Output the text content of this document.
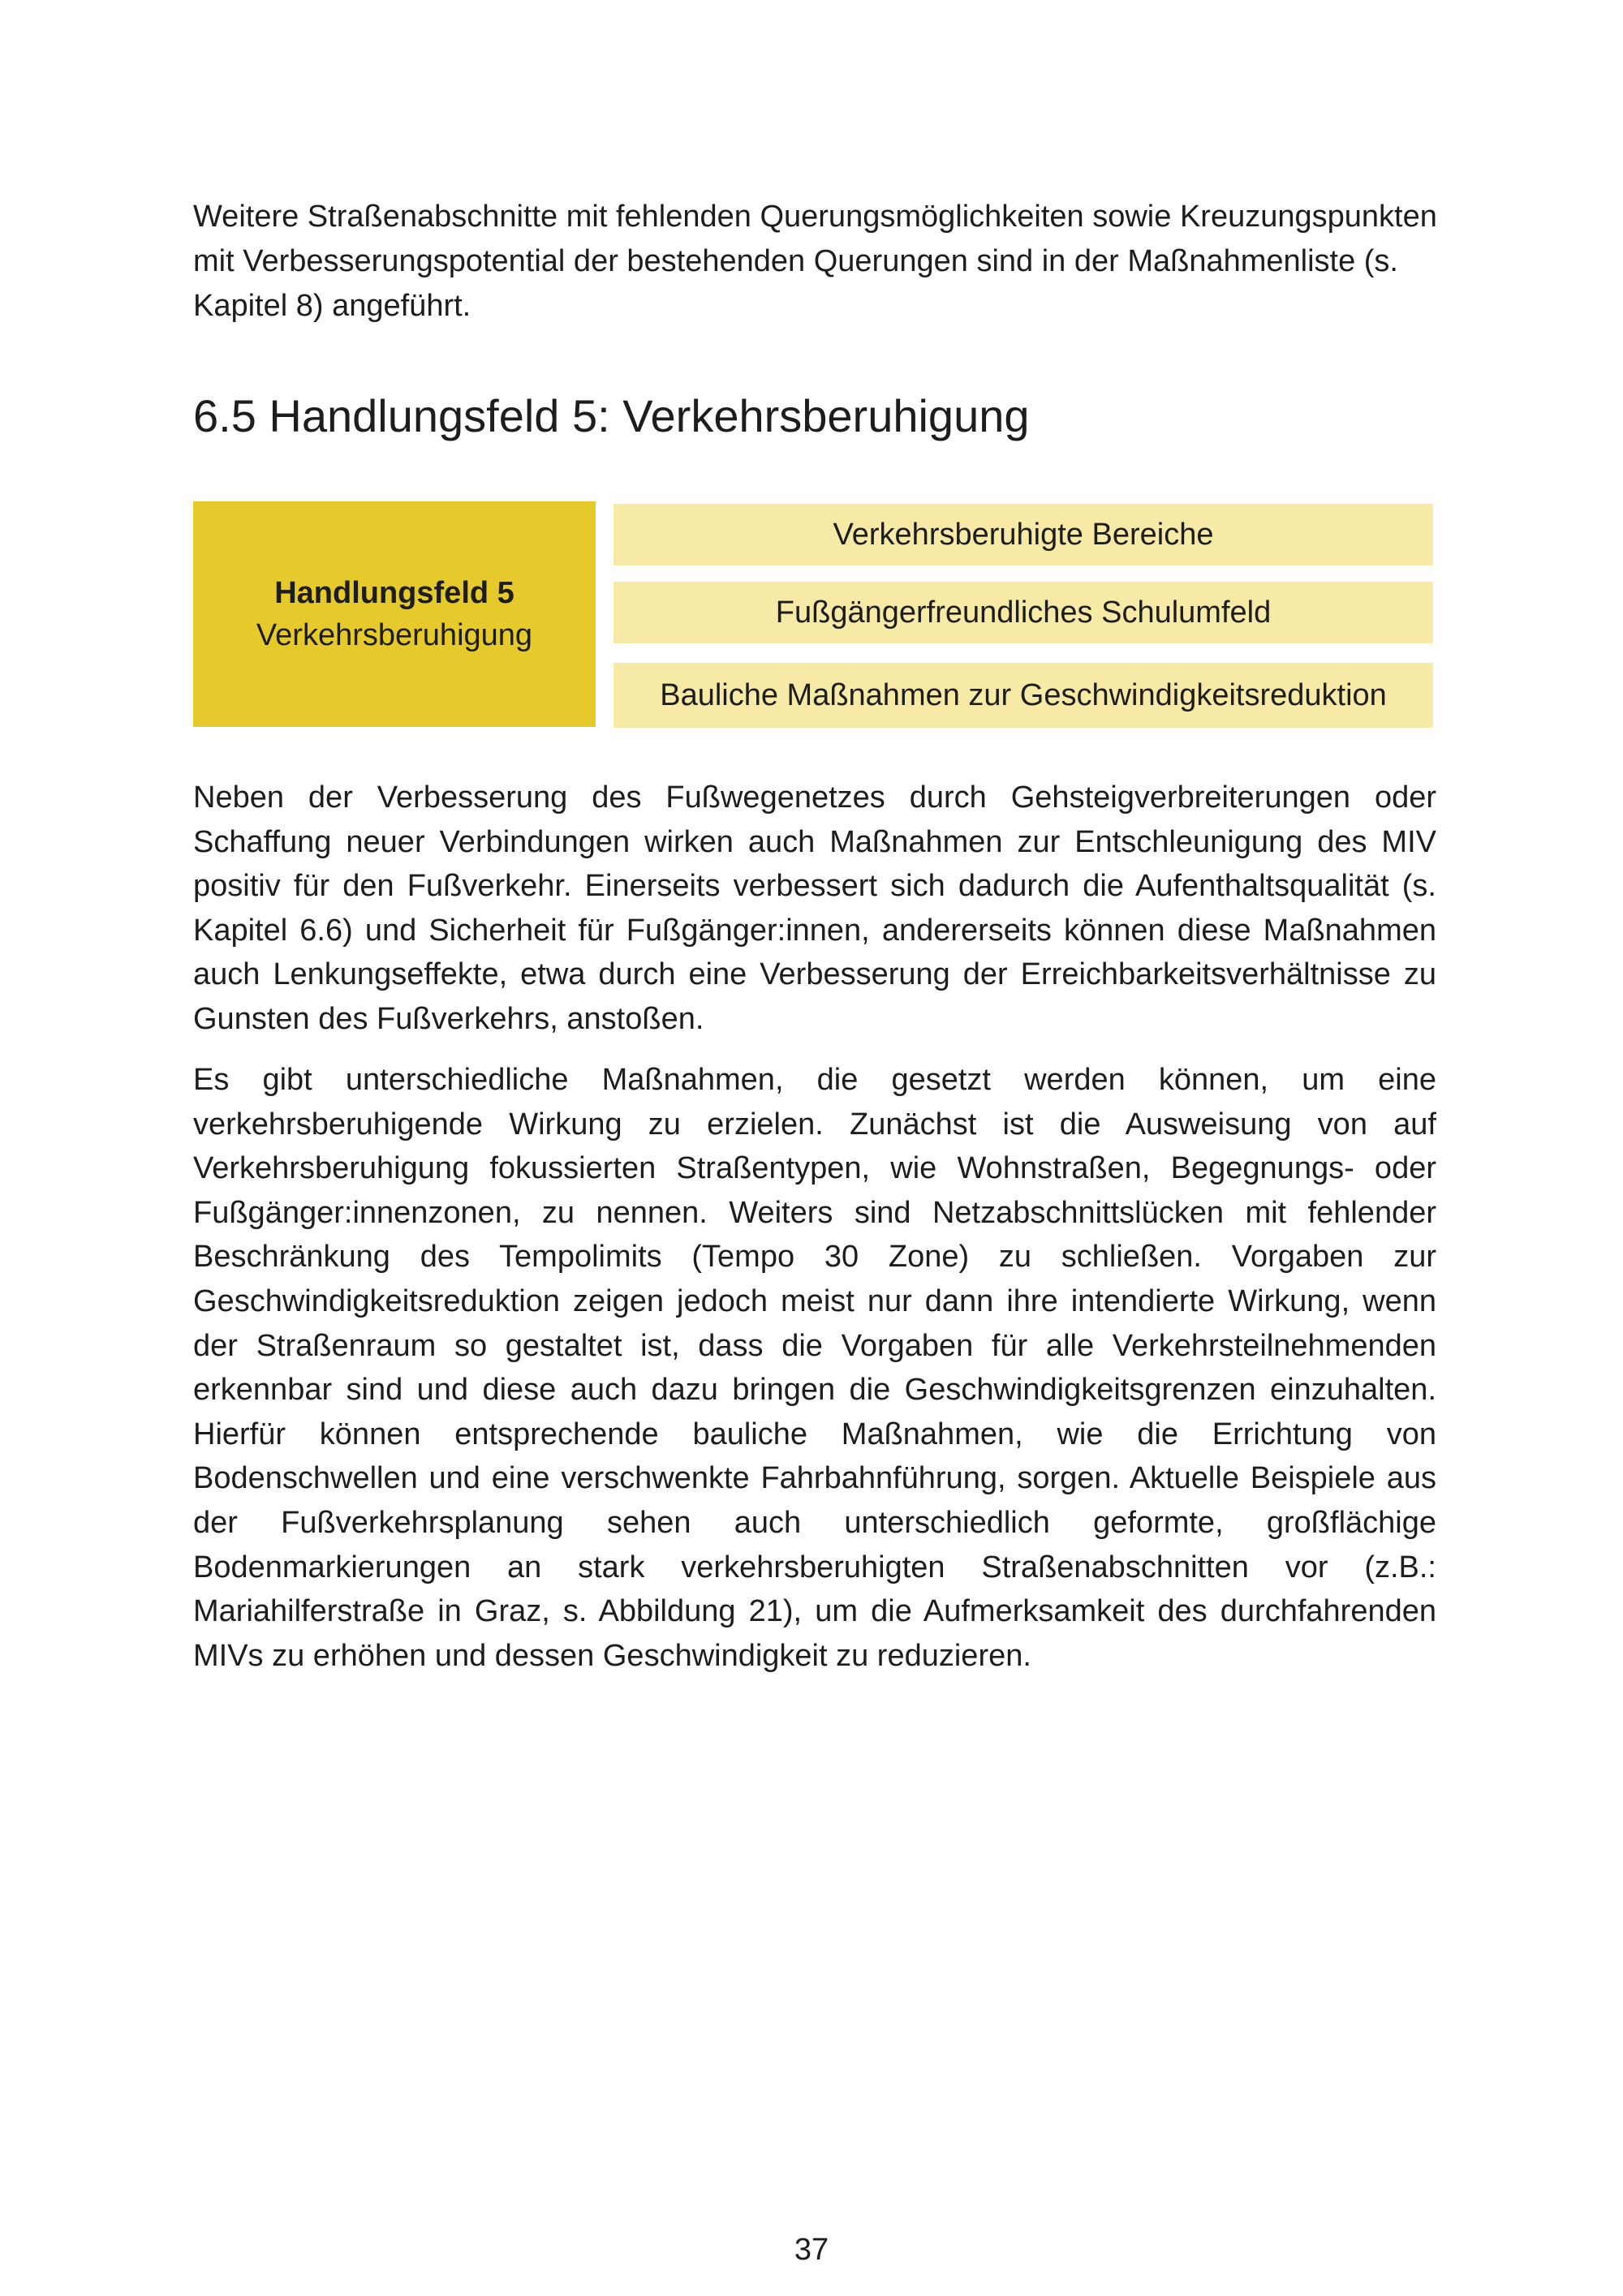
Weitere Straßenabschnitte mit fehlenden Querungsmöglichkeiten sowie Kreuzungspunkten mit Verbesserungspotential der bestehenden Querungen sind in der Maßnahmenliste (s. Kapitel 8) angeführt.

6.5 Handlungsfeld 5: Verkehrsberuhigung
Handlungsfeld 5
Verkehrsberuhigung
Verkehrsberuhigte Bereiche
Fußgängerfreundliches Schulumfeld
Bauliche Maßnahmen zur Geschwindigkeitsreduktion

Neben der Verbesserung des Fußwegenetzes durch Gehsteigverbreiterungen oder Schaffung neuer Verbindungen wirken auch Maßnahmen zur Entschleunigung des MIV positiv für den Fußverkehr. Einerseits verbessert sich dadurch die Aufenthaltsqualität (s. Kapitel 6.6) und Sicherheit für Fußgänger:innen, andererseits können diese Maßnahmen auch Lenkungseffekte, etwa durch eine Verbesserung der Erreichbarkeitsverhältnisse zu Gunsten des Fußverkehrs, anstoßen.

Es gibt unterschiedliche Maßnahmen, die gesetzt werden können, um eine verkehrsberuhigende Wirkung zu erzielen. Zunächst ist die Ausweisung von auf Verkehrsberuhigung fokussierten Straßentypen, wie Wohnstraßen, Begegnungs- oder Fußgänger:innenzonen, zu nennen. Weiters sind Netzabschnittslücken mit fehlender Beschränkung des Tempolimits (Tempo 30 Zone) zu schließen. Vorgaben zur Geschwindigkeitsreduktion zeigen jedoch meist nur dann ihre intendierte Wirkung, wenn der Straßenraum so gestaltet ist, dass die Vorgaben für alle Verkehrsteilnehmenden erkennbar sind und diese auch dazu bringen die Geschwindigkeitsgrenzen einzuhalten. Hierfür können entsprechende bauliche Maßnahmen, wie die Errichtung von Bodenschwellen und eine verschwenkte Fahrbahnführung, sorgen. Aktuelle Beispiele aus der Fußverkehrsplanung sehen auch unterschiedlich geformte, großflächige Bodenmarkierungen an stark verkehrsberuhigten Straßenabschnitten vor (z.B.: Mariahilferstraße in Graz, s. Abbildung 21), um die Aufmerksamkeit des durchfahrenden MIVs zu erhöhen und dessen Geschwindigkeit zu reduzieren.

37
